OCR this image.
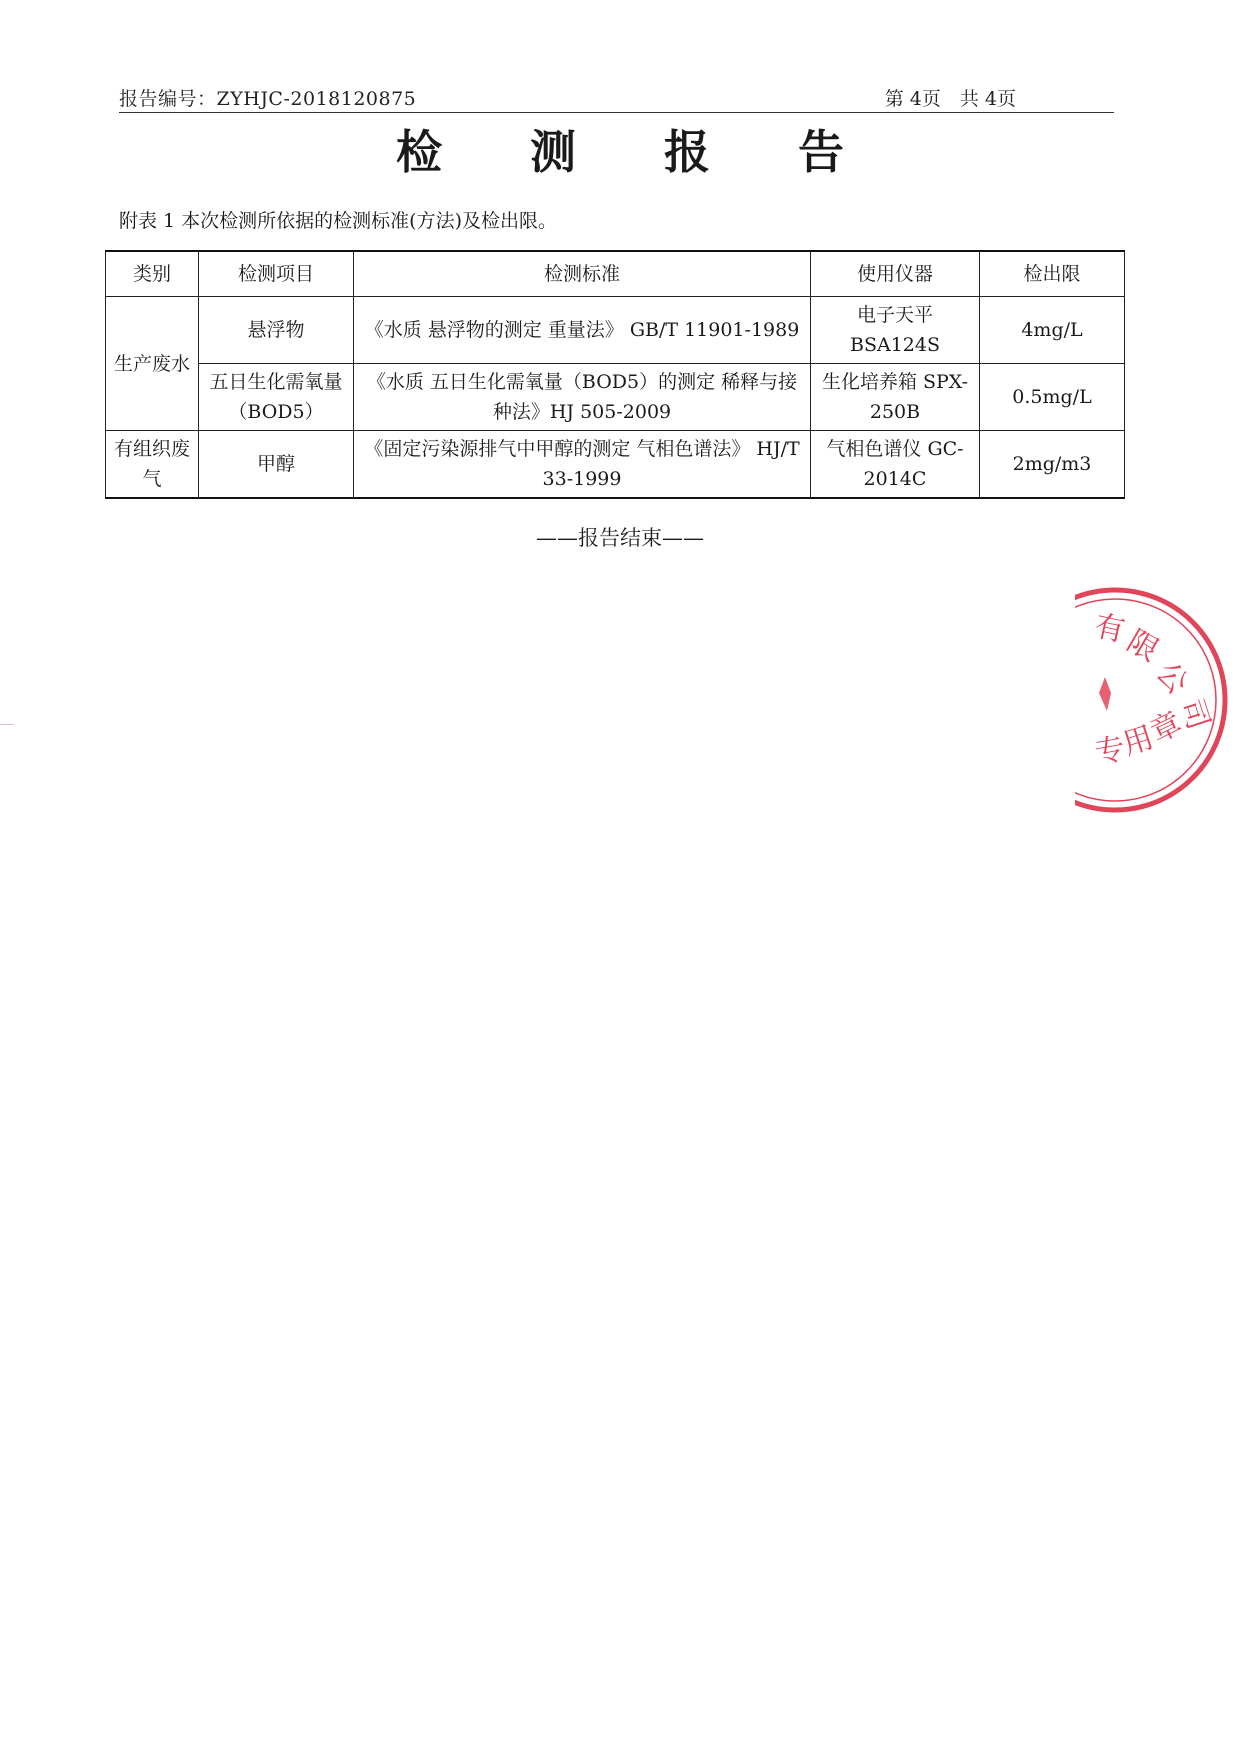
报告编号：ZYHJC-2018120875	第 4页　共 4页
检测报告
附表 1 本次检测所依据的检测标准(方法)及检出限。
类别	检测项目	检测标准	使用仪器	检出限
生产废水	悬浮物	《水质 悬浮物的测定 重量法》 GB/T 11901-1989	电子天平 BSA124S	4mg/L
	五日生化需氧量（BOD5）	《水质 五日生化需氧量（BOD5）的测定 稀释与接种法》HJ 505-2009	生化培养箱 SPX-250B	0.5mg/L
有组织废气	甲醇	《固定污染源排气中甲醇的测定 气相色谱法》 HJ/T 33-1999	气相色谱仪 GC-2014C	2mg/m3
——报告结束——
有
限
公
司
专
用
章
